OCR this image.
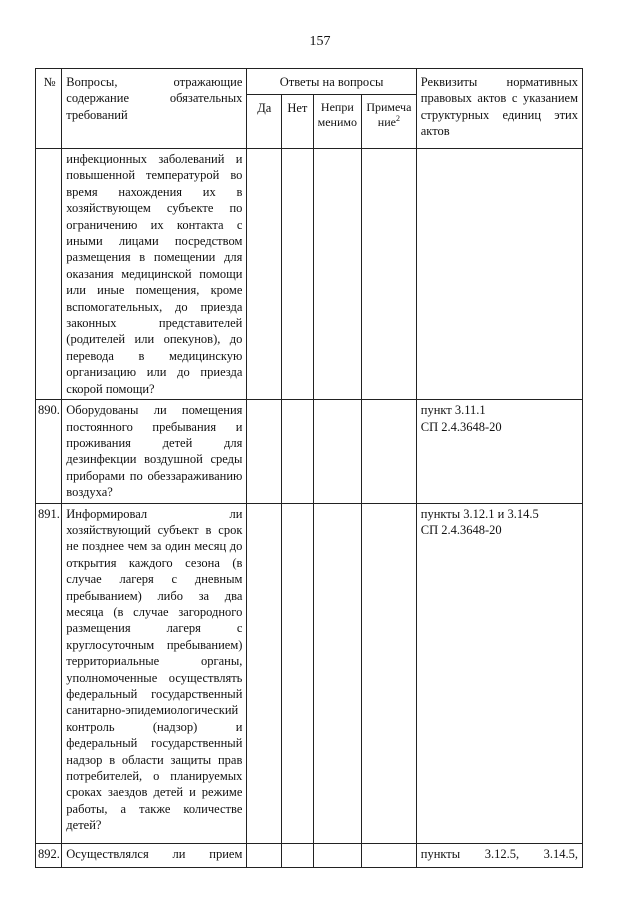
157
№	Вопросы, отражающие содержание обязательных требований	Ответы на вопросы				Реквизиты нормативных правовых актов с указанием структурных единиц этих актов
		Да	Нет	Неприменимо	Примечание$^2$
	инфекционных заболеваний и повышенной температурой во время нахождения их в хозяйствующем субъекте по ограничению их контакта с иными лицами посредством размещения в помещении для оказания медицинской помощи или иные помещения, кроме вспомогательных, до приезда законных представителей (родителей или опекунов), до перевода в медицинскую организацию или до приезда скорой помощи?					

890.	Оборудованы ли помещения постоянного пребывания и проживания детей для дезинфекции воздушной среды приборами по обеззараживанию воздуха?					пункт 3.11.1
СП 2.4.3648-20

891.	Информировал ли хозяйствующий субъект в срок не позднее чем за один месяц до открытия каждого сезона (в случае лагеря с дневным пребыванием) либо за два месяца (в случае загородного размещения лагеря с круглосуточным пребыванием) территориальные органы, уполномоченные осуществлять федеральный государственный санитарно-эпидемиологический контроль (надзор) и федеральный государственный надзор в области защиты прав потребителей, о планируемых сроках заездов детей и режиме работы, а также количестве детей?					пункты 3.12.1 и 3.14.5
СП 2.4.3648-20

892.	Осуществлялся ли прием					пункты 3.12.5, 3.14.5,
